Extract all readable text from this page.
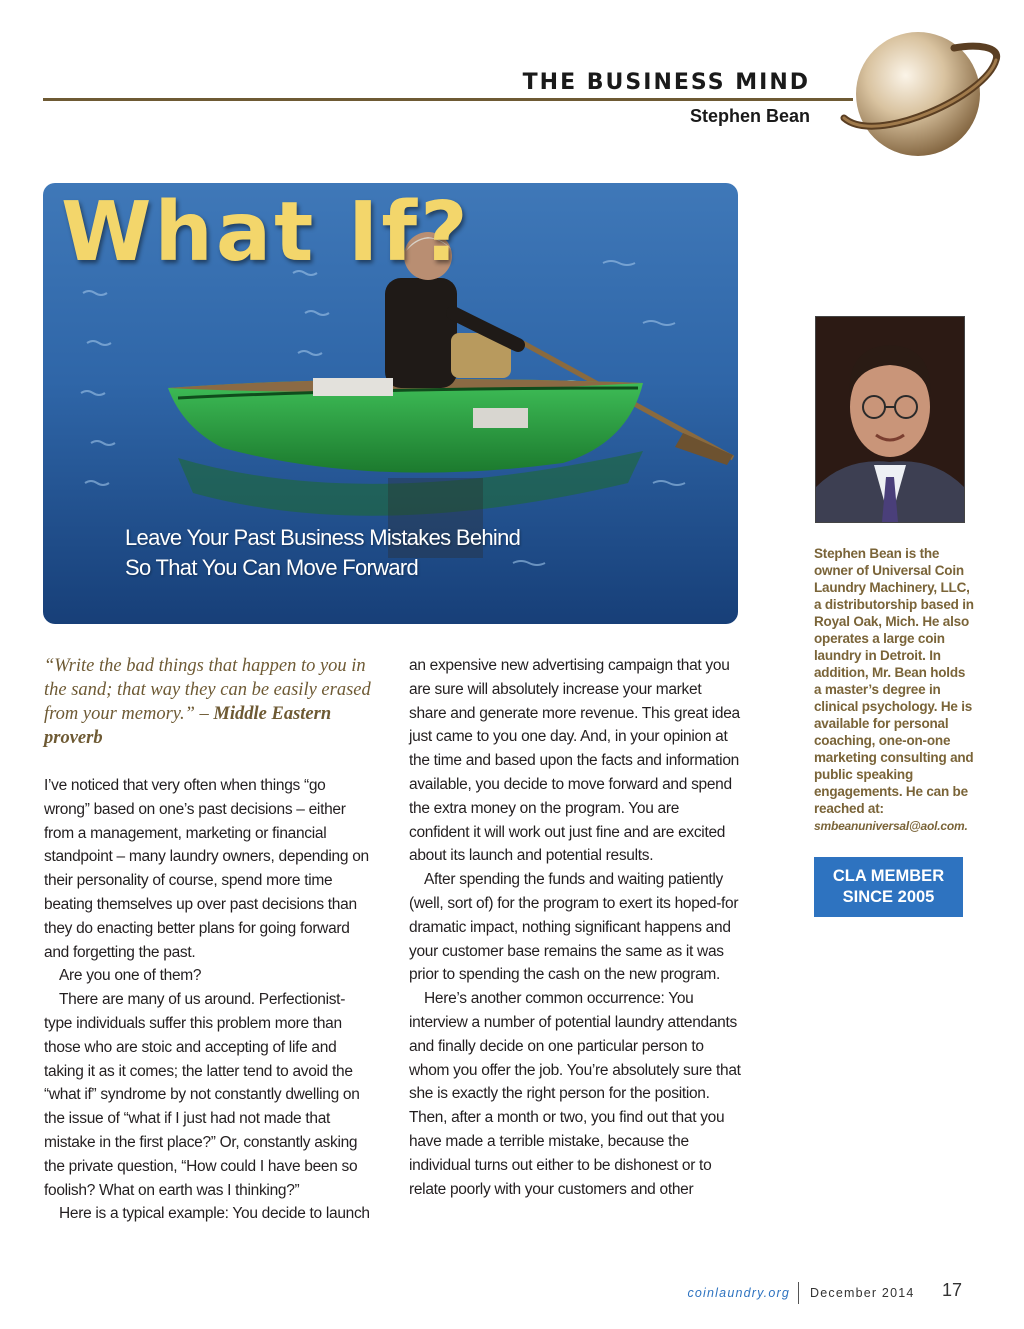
THE BUSINESS MIND
Stephen Bean
What If?
Leave Your Past Business Mistakes Behind
So That You Can Move Forward
“Write the bad things that happen to you in the sand; that way they can be easily erased from your memory.” – Middle Eastern proverb

I’ve noticed that very often when things “go wrong” based on one’s past decisions – either from a management, marketing or financial standpoint – many laundry owners, depending on their personality of course, spend more time beating themselves up over past decisions than they do enacting better plans for going forward and forgetting the past.

Are you one of them?

There are many of us around. Perfectionist-type individuals suffer this problem more than those who are stoic and accepting of life and taking it as it comes; the latter tend to avoid the “what if” syndrome by not constantly dwelling on the issue of “what if I just had not made that mistake in the first place?” Or, constantly asking the private question, “How could I have been so foolish? What on earth was I thinking?”

Here is a typical example: You decide to launch

an expensive new advertising campaign that you are sure will absolutely increase your market share and generate more revenue. This great idea just came to you one day. And, in your opinion at the time and based upon the facts and information available, you decide to move forward and spend the extra money on the program. You are confident it will work out just fine and are excited about its launch and potential results.

After spending the funds and waiting patiently (well, sort of) for the program to exert its hoped-for dramatic impact, nothing significant happens and your customer base remains the same as it was prior to spending the cash on the new program.

Here’s another common occurrence: You interview a number of potential laundry attendants and finally decide on one particular person to whom you offer the job. You’re absolutely sure that she is exactly the right person for the position. Then, after a month or two, you find out that you have made a terrible mistake, because the individual turns out either to be dishonest or to relate poorly with your customers and other

Stephen Bean is the owner of Universal Coin Laundry Machinery, LLC, a distributorship based in Royal Oak, Mich. He also operates a large coin laundry in Detroit. In addition, Mr. Bean holds a master’s degree in clinical psychology. He is available for personal coaching, one-on-one marketing consulting and public speaking engagements. He can be reached at: smbeanuniversal@aol.com.
CLA MEMBER
SINCE 2005
coinlaundry.org December 2014 17
